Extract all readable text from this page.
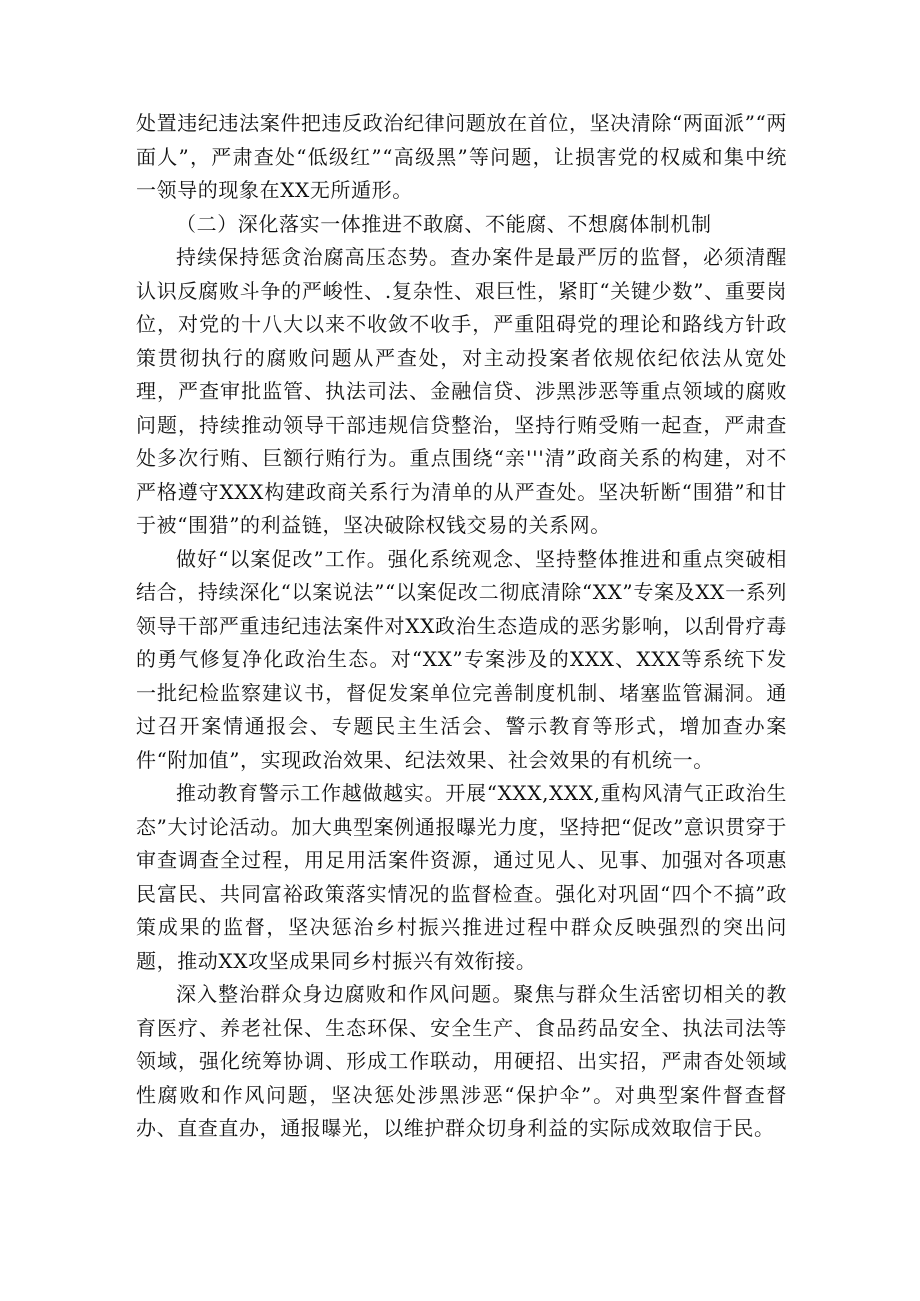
处置违纪违法案件把违反政治纪律问题放在首位，坚决清除“两面派”“两面人”，严肃查处“低级红”“高级黑”等问题，让损害党的权威和集中统一领导的现象在XX无所遁形。

（二）深化落实一体推进不敢腐、不能腐、不想腐体制机制

持续保持惩贪治腐高压态势。查办案件是最严厉的监督，必须清醒认识反腐败斗争的严峻性、.复杂性、艰巨性，紧盯“关键少数”、重要岗位，对党的十八大以来不收敛不收手，严重阻碍党的理论和路线方针政策贯彻执行的腐败问题从严查处，对主动投案者依规依纪依法从宽处理，严查审批监管、执法司法、金融信贷、涉黑涉恶等重点领域的腐败问题，持续推动领导干部违规信贷整治，坚持行贿受贿一起查，严肃查处多次行贿、巨额行贿行为。重点围绕“亲'''清”政商关系的构建，对不严格遵守XXX构建政商关系行为清单的从严查处。坚决斩断“围猎”和甘于被“围猎”的利益链，坚决破除权钱交易的关系网。

做好“以案促改”工作。强化系统观念、坚持整体推进和重点突破相结合，持续深化“以案说法”“以案促改二彻底清除“XX”专案及XX一系列领导干部严重违纪违法案件对XX政治生态造成的恶劣影响，以刮骨疗毒的勇气修复净化政治生态。对“XX”专案涉及的XXX、XXX等系统下发一批纪检监察建议书，督促发案单位完善制度机制、堵塞监管漏洞。通过召开案情通报会、专题民主生活会、警示教育等形式，增加查办案件“附加值”，实现政治效果、纪法效果、社会效果的有机统一。

推动教育警示工作越做越实。开展“XXX,XXX,重构风清气正政治生态”大讨论活动。加大典型案例通报曝光力度，坚持把“促改”意识贯穿于审查调查全过程，用足用活案件资源，通过见人、见事、加强对各项惠民富民、共同富裕政策落实情况的监督检查。强化对巩固“四个不搞”政策成果的监督，坚决惩治乡村振兴推进过程中群众反映强烈的突出问题，推动XX攻坚成果同乡村振兴有效衔接。

深入整治群众身边腐败和作风问题。聚焦与群众生活密切相关的教育医疗、养老社保、生态环保、安全生产、食品药品安全、执法司法等领域，强化统筹协调、形成工作联动，用硬招、出实招，严肃杳处领域性腐败和作风问题，坚决惩处涉黑涉恶“保护伞”。对典型案件督查督办、直查直办，通报曝光，以维护群众切身利益的实际成效取信于民。
